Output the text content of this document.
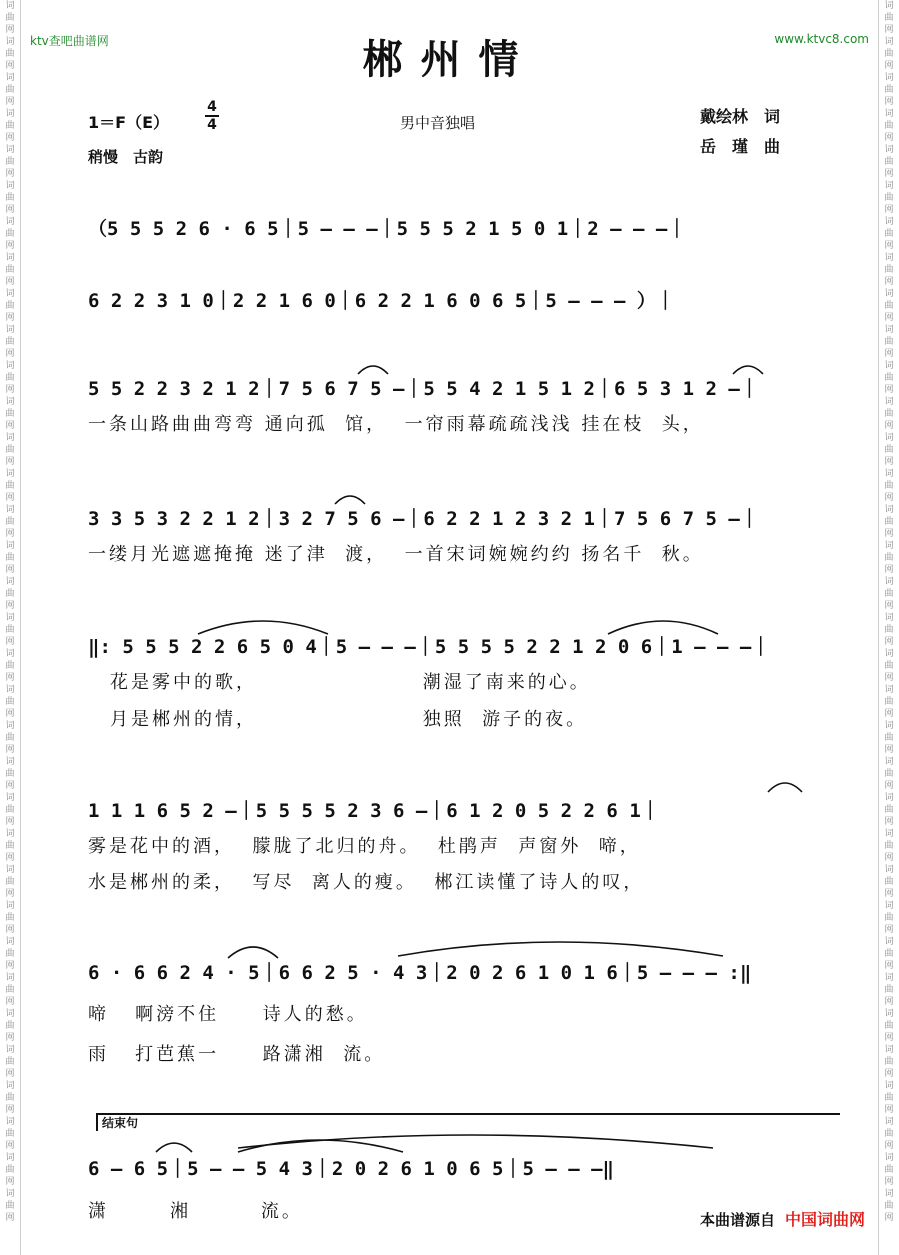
词曲网词曲网词曲网词曲网词曲网词曲网词曲网词曲网词曲网词曲网词曲网词曲网词曲网词曲网词曲网词曲网词曲网词曲网词曲网词曲网词曲网词曲网词曲网词曲网词曲网词曲网词曲网词曲网词曲网词曲网词曲网词曲网词曲网词曲网
词曲网词曲网词曲网词曲网词曲网词曲网词曲网词曲网词曲网词曲网词曲网词曲网词曲网词曲网词曲网词曲网词曲网词曲网词曲网词曲网词曲网词曲网词曲网词曲网词曲网词曲网词曲网词曲网词曲网词曲网词曲网词曲网词曲网词曲网
ktv查吧曲谱网	www.ktvc8.com
郴州情
1＝F（E）
4
4
稍慢　古韵
男中音独唱	戴绘林　词
岳　瑾　曲
（5 5 5 2 6 · 6 5｜5 – – –｜5 5 5 2 1 5 0 1｜2 – – –｜
6 2 2 3 1 0｜2 2 1 6 0｜6 2 2 1 6 0 6 5｜5 – – – ）｜
5 5 2 2 3 2 1 2｜7 5 6 7 5 –｜5 5 4 2 1 5 1 2｜6 5 3 1 2 –｜
一条山路曲曲弯弯 通向孤  馆，  一帘雨幕疏疏浅浅 挂在枝  头，
3 3 5 3 2 2 1 2｜3 2 7 5 6 –｜6 2 2 1 2 3 2 1｜7 5 6 7 5 –｜
一缕月光遮遮掩掩 迷了津  渡，  一首宋词婉婉约约 扬名千  秋。
‖: 5 5 5 2 2 6 5 0 4｜5 – – –｜5 5 5 5 2 2 1 2 0 6｜1 – – –｜
花是雾中的歌，                   潮湿了南来的心。
月是郴州的情，                   独照  游子的夜。
1 1 1 6 5 2 –｜5 5 5 5 2 3 6 –｜6 1 2 0 5 2 2 6 1｜
雾是花中的酒，  朦胧了北归的舟。  杜鹃声  声窗外  啼，
水是郴州的柔，  写尽  离人的瘦。  郴江读懂了诗人的叹，
6 · 6 6 2 4 · 5｜6 6 2 5 · 4 3｜2 0 2 6 1 0 1 6｜5 – – – :‖
啼   啊滂不住     诗人的愁。
雨   打芭蕉一     路潇湘  流。
结束句
6 – 6 5｜5 – – 5 4 3｜2 0 2 6 1 0 6 5｜5 – – –‖
潇       湘        流。	本曲谱源自 中国词曲网
